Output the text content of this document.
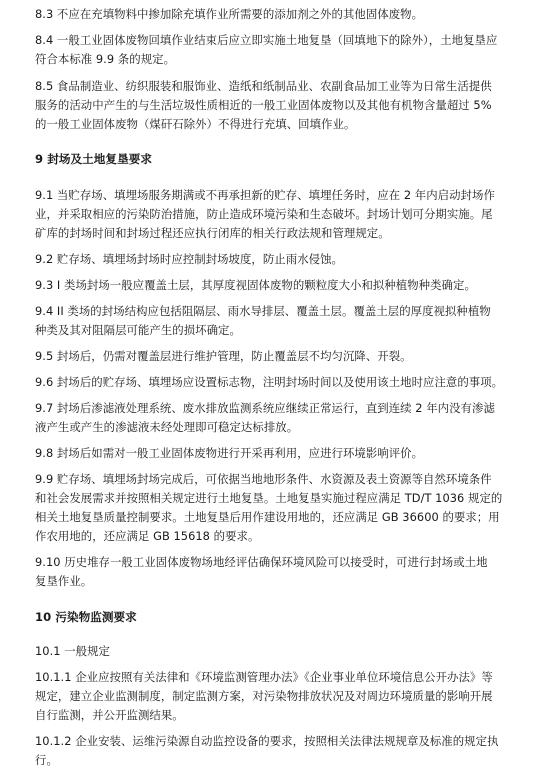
8.3 不应在充填物料中掺加除充填作业所需要的添加剂之外的其他固体废物。
8.4 一般工业固体废物回填作业结束后应立即实施土地复垦（回填地下的除外），土地复垦应
符合本标准 9.9 条的规定。
8.5 食品制造业、纺织服装和服饰业、造纸和纸制品业、农副食品加工业等为日常生活提供
服务的活动中产生的与生活垃圾性质相近的一般工业固体废物以及其他有机物含量超过 5%
的一般工业固体废物（煤矸石除外）不得进行充填、回填作业。
9 封场及土地复垦要求
9.1 当贮存场、填埋场服务期满或不再承担新的贮存、填埋任务时，应在 2 年内启动封场作
业，并采取相应的污染防治措施，防止造成环境污染和生态破坏。封场计划可分期实施。尾
矿库的封场时间和封场过程还应执行闭库的相关行政法规和管理规定。
9.2 贮存场、填埋场封场时应控制封场坡度，防止雨水侵蚀。
9.3 I 类场封场一般应覆盖土层，其厚度视固体废物的颗粒度大小和拟种植物种类确定。
9.4 II 类场的封场结构应包括阻隔层、雨水导排层、覆盖土层。覆盖土层的厚度视拟种植物
种类及其对阻隔层可能产生的损坏确定。
9.5 封场后，仍需对覆盖层进行维护管理，防止覆盖层不均匀沉降、开裂。
9.6 封场后的贮存场、填埋场应设置标志物，注明封场时间以及使用该土地时应注意的事项。
9.7 封场后渗滤液处理系统、废水排放监测系统应继续正常运行，直到连续 2 年内没有渗滤
液产生或产生的渗滤液未经处理即可稳定达标排放。
9.8 封场后如需对一般工业固体废物进行开采再利用，应进行环境影响评价。
9.9 贮存场、填埋场封场完成后，可依据当地地形条件、水资源及表土资源等自然环境条件
和社会发展需求并按照相关规定进行土地复垦。土地复垦实施过程应满足 TD/T 1036 规定的
相关土地复垦质量控制要求。土地复垦后用作建设用地的，还应满足 GB 36600 的要求；用
作农用地的，还应满足 GB 15618 的要求。
9.10 历史堆存一般工业固体废物场地经评估确保环境风险可以接受时，可进行封场或土地
复垦作业。
10 污染物监测要求
10.1 一般规定
10.1.1 企业应按照有关法律和《环境监测管理办法》《企业事业单位环境信息公开办法》等
规定，建立企业监测制度，制定监测方案，对污染物排放状况及对周边环境质量的影响开展
自行监测，并公开监测结果。
10.1.2 企业安装、运维污染源自动监控设备的要求，按照相关法律法规规章及标准的规定执
行。
